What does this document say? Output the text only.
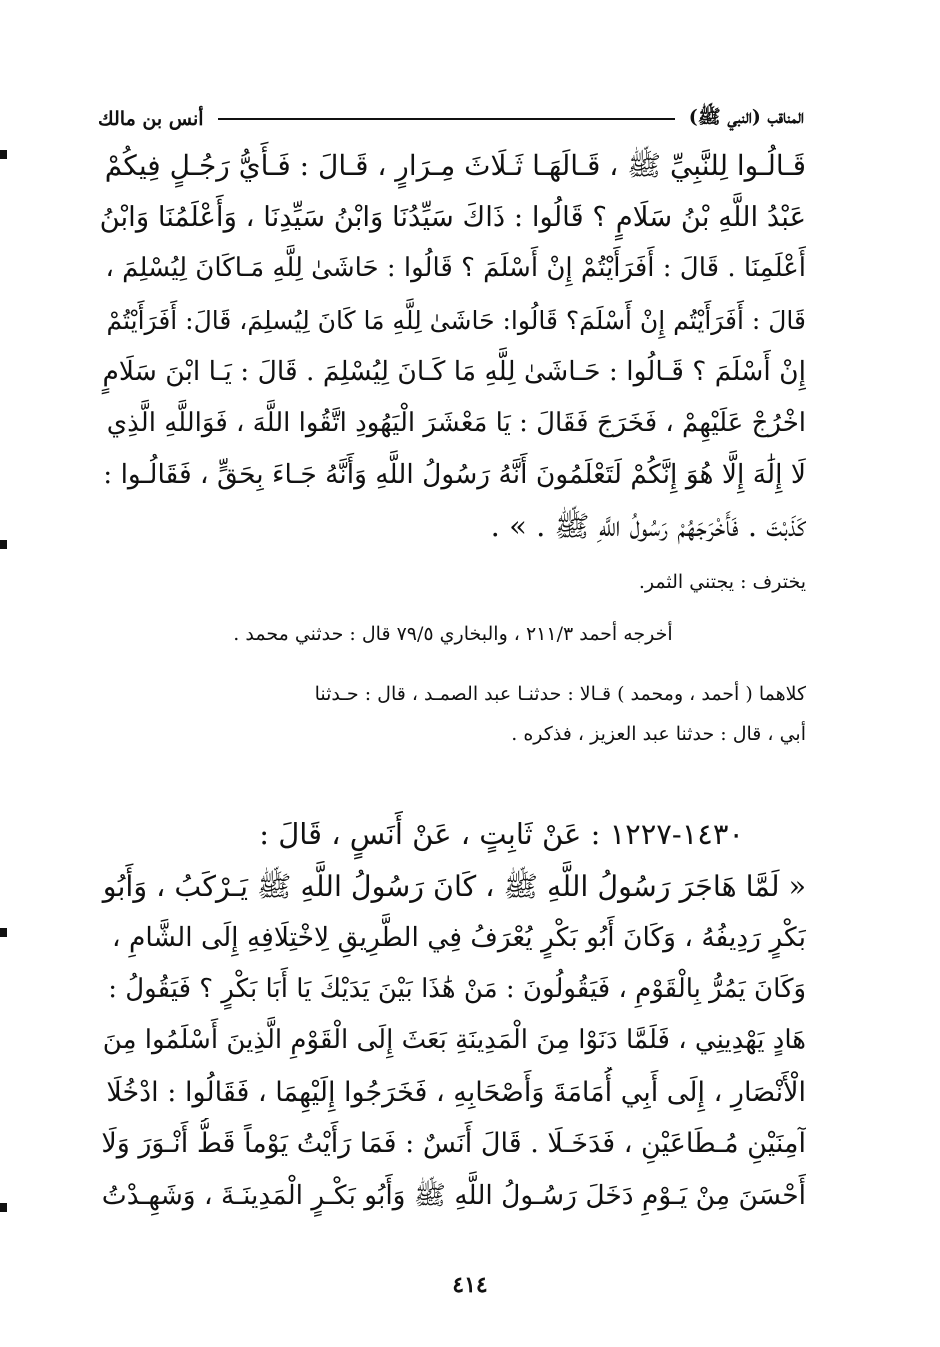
المناقب (النبي ﷺ)
أنس بن مالك
قَـالُـوا لِلنَّبِيِّ ﷺ ، قَـالَهَـا ثَـلَاثَ مِـرَارٍ ، قَـالَ : فَـأَيُّ رَجُـلٍ فِيكُمْ
عَبْدُ اللَّهِ بْنُ سَلَامٍ ؟ قَالُوا : ذَاكَ سَيِّدُنَا وَابْنُ سَيِّدِنَا ، وَأَعْلَمُنَا وَابْنُ
أَعْلَمِنَا . قَالَ : أَفَرَأَيْتُمْ إِنْ أَسْلَمَ ؟ قَالُوا : حَاشَىٰ لِلَّهِ مَـاكَانَ لِيُسْلِمَ ،
قَالَ : أَفَرَأَيْتُم إِنْ أَسْلَمَ؟ قَالُوا: حَاشَىٰ لِلَّهِ مَا كَانَ لِيُسلِمَ، قَالَ: أَفَرَأَيْتُمْ
إِنْ أَسْلَمَ ؟ قَـالُوا : حَـاشَىٰ لِلَّهِ مَا كَـانَ لِيُسْلِمَ . قَالَ : يَـا ابْنَ سَلَامٍ
اخْرُجْ عَلَيْهِمْ ، فَخَرَجَ فَقَالَ : يَا مَعْشَرَ الْيَهُودِ اتَّقُوا اللَّهَ ، فَوَاللَّهِ الَّذِي
لَا إِلَٰهَ إِلَّا هُوَ إِنَّكُمْ لَتَعْلَمُونَ أَنَّهُ رَسُولُ اللَّهِ وَأَنَّهُ جَـاءَ بِحَقٍّ ، فَقَالُـوا :
كَذَبْتَ . فَأَخْرَجَهُمْ رَسُولُ اللَّهِ ﷺ . » .
يخترف : يجتني الثمر.
أخرجه أحمد ٢١١/٣ ، والبخاري ٧٩/٥ قال : حدثني محمد .
كلاهما ( أحمد ، ومحمد ) قـالا : حدثنـا عبد الصمـد ، قال : حـدثنا
أبي ، قال : حدثنا عبد العزيز ، فذكره .
١٤٣٠-١٢٢٧ : عَنْ ثَابِتٍ ، عَنْ أَنَسٍ ، قَالَ :
« لَمَّا هَاجَرَ رَسُولُ اللَّهِ ﷺ ، كَانَ رَسُولُ اللَّهِ ﷺ يَـرْكَبُ ، وَأَبُو
بَكْرٍ رَدِيفُهُ ، وَكَانَ أَبُو بَكْرٍ يُعْرَفُ فِي الطَّرِيقِ لِاخْتِلَافِهِ إِلَى الشَّامِ ،
وَكَانَ يَمُرُّ بِالْقَوْمِ ، فَيَقُولُونَ : مَنْ هَٰذَا بَيْنَ يَدَيْكَ يَا أَبَا بَكْرٍ ؟ فَيَقُولُ :
هَادٍ يَهْدِينِي ، فَلَمَّا دَنَوْا مِنَ الْمَدِينَةِ بَعَثَ إِلَى الْقَوْمِ الَّذِينَ أَسْلَمُوا مِنَ
الْأَنْصَارِ ، إِلَى أَبِي أُمَامَةَ وَأَصْحَابِهِ ، فَخَرَجُوا إِلَيْهِمَا ، فَقَالُوا : ادْخُلَا
آمِنَيْنِ مُـطَاعَيْنِ ، فَدَخَـلَا . قَالَ أَنَسٌ : فَمَا رَأَيْتُ يَوْماً قَطُّ أَنْـوَرَ وَلَا
أَحْسَنَ مِنْ يَـوْمِ دَخَلَ رَسُـولُ اللَّهِ ﷺ وَأَبُو بَكْـرٍ الْمَدِينَـةَ ، وَشَهِـدْتُ
٤١٤
